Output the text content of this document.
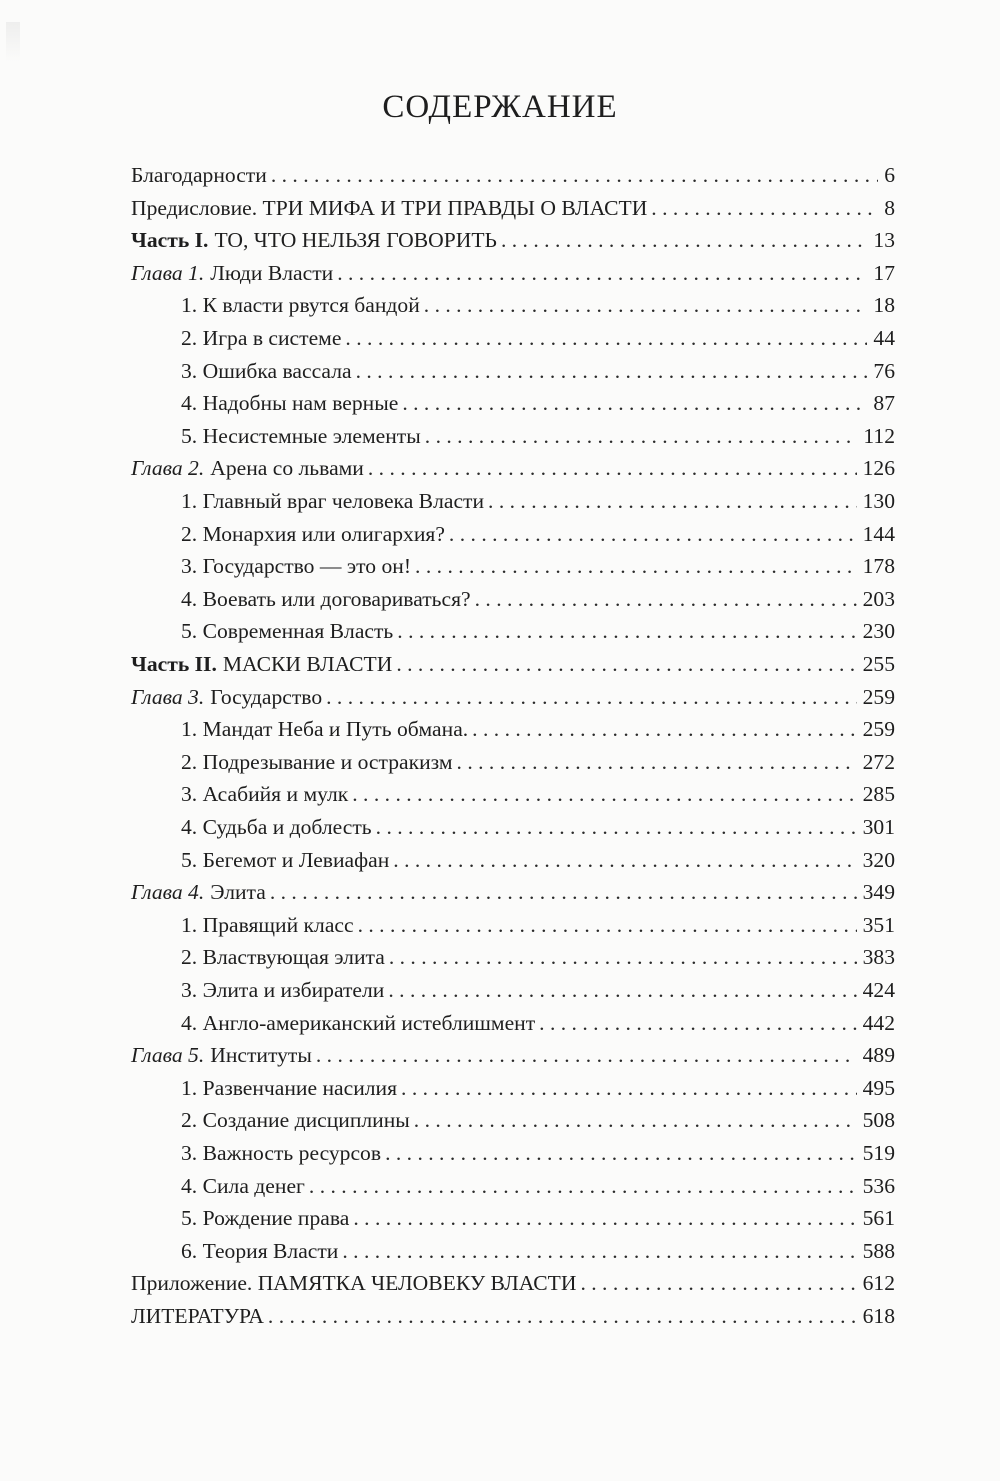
СОДЕРЖАНИЕ
Благодарности . . .	6
Предисловие. ТРИ МИФА И ТРИ ПРАВДЫ О ВЛАСТИ . . .	8
Часть I. ТО, ЧТО НЕЛЬЗЯ ГОВОРИТЬ . . .	13
Глава 1. Люди Власти . . .	17
1. К власти рвутся бандой . . .	18
2. Игра в системе . . .	44
3. Ошибка вассала . . .	76
4. Надобны нам верные . . .	87
5. Несистемные элементы . . .	112
Глава 2. Арена со львами . . .	126
1. Главный враг человека Власти . . .	130
2. Монархия или олигархия? . . .	144
3. Государство — это он! . . .	178
4. Воевать или договариваться? . . .	203
5. Современная Власть . . .	230
Часть II. МАСКИ ВЛАСТИ . . .	255
Глава 3. Государство . . .	259
1. Мандат Неба и Путь обмана. . . .	259
2. Подрезывание и остракизм . . .	272
3. Асабийя и мулк . . .	285
4. Судьба и доблесть . . .	301
5. Бегемот и Левиафан . . .	320
Глава 4. Элита . . .	349
1. Правящий класс . . .	351
2. Властвующая элита . . .	383
3. Элита и избиратели . . .	424
4. Англо-американский истеблишмент . . .	442
Глава 5. Институты . . .	489
1. Развенчание насилия . . .	495
2. Создание дисциплины . . .	508
3. Важность ресурсов . . .	519
4. Сила денег . . .	536
5. Рождение права . . .	561
6. Теория Власти . . .	588
Приложение. ПАМЯТКА ЧЕЛОВЕКУ ВЛАСТИ . . .	612
ЛИТЕРАТУРА . . .	618
